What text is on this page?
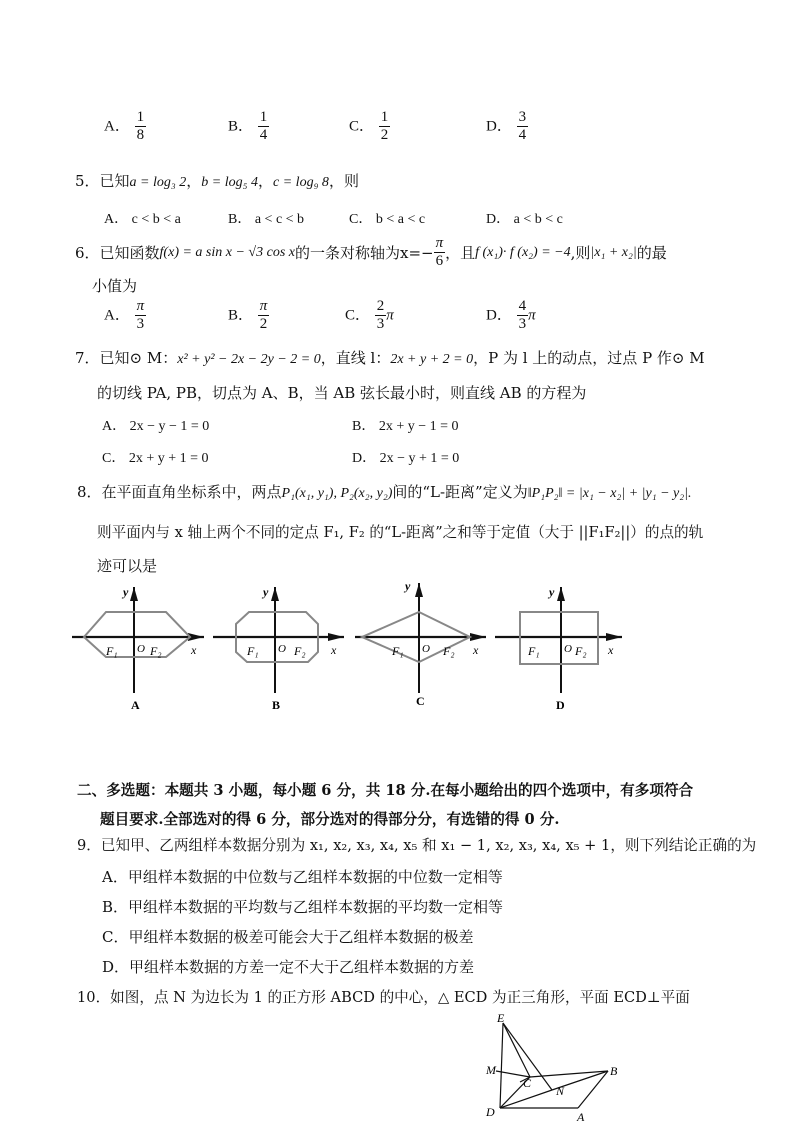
A． $\frac{1}{8}$	B． $\frac{1}{4}$	C． $\frac{1}{2}$	D． $\frac{3}{4}$
5．已知a = log₃ 2，b = log₅ 4，c = log₉ 8，则
A． c < b < a	B． a < c < b	C． b < a < c	D． a < b < c
6．已知函数 f(x) = a sin x − √3 cos x 的一条对称轴为$x=- \frac{\pi}{6}$ ，且 f (x₁)· f (x₂) = −4 ,则 |x₁ + x₂| 的最
小值为
A． $\frac{\pi}{3}$	B． $\frac{\pi}{2}$	C． $\frac{2}{3}$ π	D． $\frac{4}{3}$ π
7．已知⊙ M：x² + y² − 2x − 2y − 2 = 0，直线 l：2x + y + 2 = 0，P 为 l 上的动点，过点 P 作⊙ M
的切线 PA, PB，切点为 A、B，当 AB 弦长最小时，则直线 AB 的方程为
A． 2x − y − 1 = 0	B． 2x + y − 1 = 0
C． 2x + y + 1 = 0	D． 2x − y + 1 = 0
8．在平面直角坐标系中，两点P₁(x₁, y₁), P₂(x₂, y₂)间的“L-距离”定义为‖P₁P₂‖ = |x₁ − x₂| + |y₁ − y₂|.
则平面内与 x 轴上两个不同的定点 F₁, F₂ 的“L-距离”之和等于定值（大于 ||F₁F₂||）的点的轨
迹可以是
y
x
O
F₁	F₂
A
y
x
O
F₁	F₂
B
y
x
O
F₁	F₂
C
y
x
O
F₁	F₂
D
二、多选题：本题共 3 小题，每小题 6 分，共 18 分.在每小题给出的四个选项中，有多项符合
题目要求.全部选对的得 6 分，部分选对的得部分分，有选错的得 0 分.
9．已知甲、乙两组样本数据分别为 x₁, x₂, x₃, x₄, x₅ 和 x₁ − 1, x₂, x₃, x₄, x₅ + 1，则下列结论正确的为
A．甲组样本数据的中位数与乙组样本数据的中位数一定相等
B．甲组样本数据的平均数与乙组样本数据的平均数一定相等
C．甲组样本数据的极差可能会大于乙组样本数据的极差
D．甲组样本数据的方差一定不大于乙组样本数据的方差
10．如图，点 N 为边长为 1 的正方形 ABCD 的中心，△ ECD 为正三角形，平面 ECD⊥平面
E
M
C
N
B
D	A
